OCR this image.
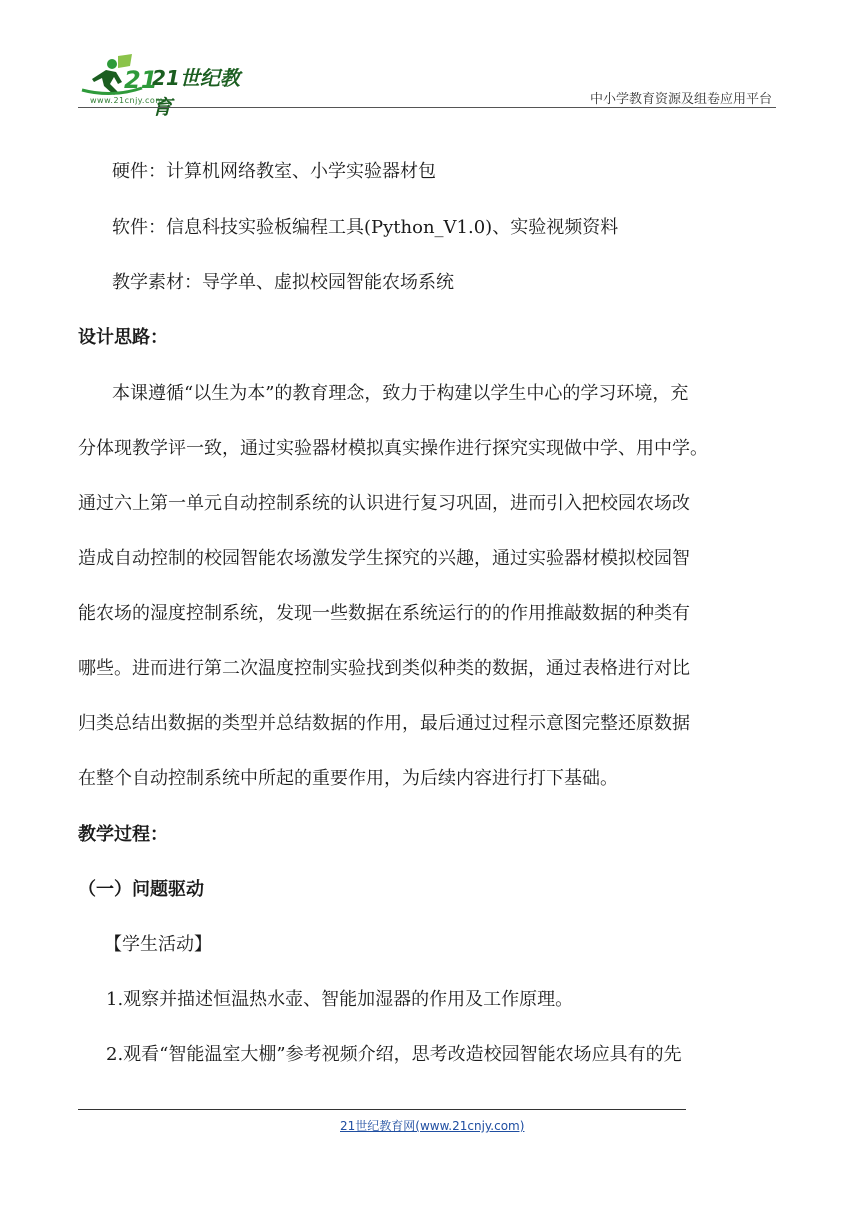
21
21世纪教育
www.21cnjy.com	中小学教育资源及组卷应用平台

硬件：计算机网络教室、小学实验器材包

软件：信息科技实验板编程工具(Python_V1.0)、实验视频资料

教学素材：导学单、虚拟校园智能农场系统

设计思路：

本课遵循“以生为本”的教育理念，致力于构建以学生中心的学习环境，充

分体现教学评一致，通过实验器材模拟真实操作进行探究实现做中学、用中学。

通过六上第一单元自动控制系统的认识进行复习巩固，进而引入把校园农场改

造成自动控制的校园智能农场激发学生探究的兴趣，通过实验器材模拟校园智

能农场的湿度控制系统，发现一些数据在系统运行的的作用推敲数据的种类有

哪些。进而进行第二次温度控制实验找到类似种类的数据，通过表格进行对比

归类总结出数据的类型并总结数据的作用，最后通过过程示意图完整还原数据

在整个自动控制系统中所起的重要作用，为后续内容进行打下基础。

教学过程：

（一）问题驱动

【学生活动】

1.观察并描述恒温热水壶、智能加湿器的作用及工作原理。

2.观看“智能温室大棚”参考视频介绍，思考改造校园智能农场应具有的先

21世纪教育网(www.21cnjy.com)
